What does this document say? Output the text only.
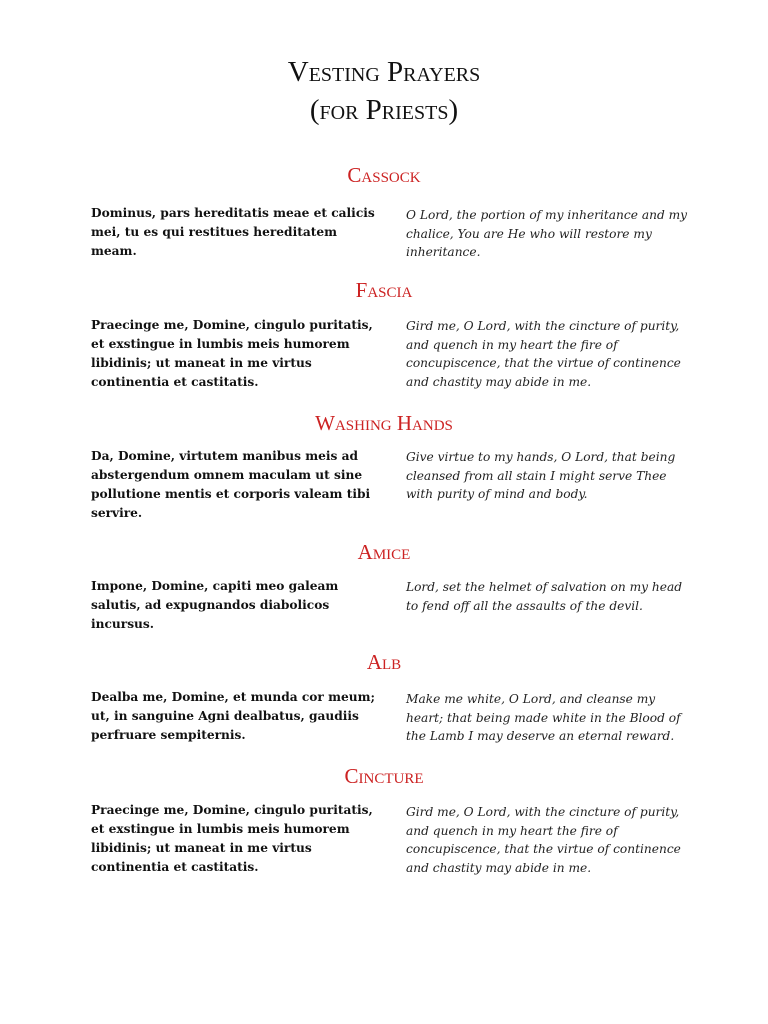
Vesting Prayers
(for Priests)
Cassock
Dominus, pars hereditatis meae et calicis mei, tu es qui restitues hereditatem meam.
O Lord, the portion of my inheritance and my chalice, You are He who will restore my inheritance.
Fascia
Praecinge me, Domine, cingulo puritatis, et exstingue in lumbis meis humorem libidinis; ut maneat in me virtus continentia et castitatis.
Gird me, O Lord, with the cincture of purity, and quench in my heart the fire of concupiscence, that the virtue of continence and chastity may abide in me.
Washing Hands
Da, Domine, virtutem manibus meis ad abstergendum omnem maculam ut sine pollutione mentis et corporis valeam tibi servire.
Give virtue to my hands, O Lord, that being cleansed from all stain I might serve Thee with purity of mind and body.
Amice
Impone, Domine, capiti meo galeam salutis, ad expugnandos diabolicos incursus.
Lord, set the helmet of salvation on my head to fend off all the assaults of the devil.
Alb
Dealba me, Domine, et munda cor meum; ut, in sanguine Agni dealbatus, gaudiis perfruare sempiternis.
Make me white, O Lord, and cleanse my heart; that being made white in the Blood of the Lamb I may deserve an eternal reward.
Cincture
Praecinge me, Domine, cingulo puritatis, et exstingue in lumbis meis humorem libidinis; ut maneat in me virtus continentia et castitatis.
Gird me, O Lord, with the cincture of purity, and quench in my heart the fire of concupiscence, that the virtue of continence and chastity may abide in me.
